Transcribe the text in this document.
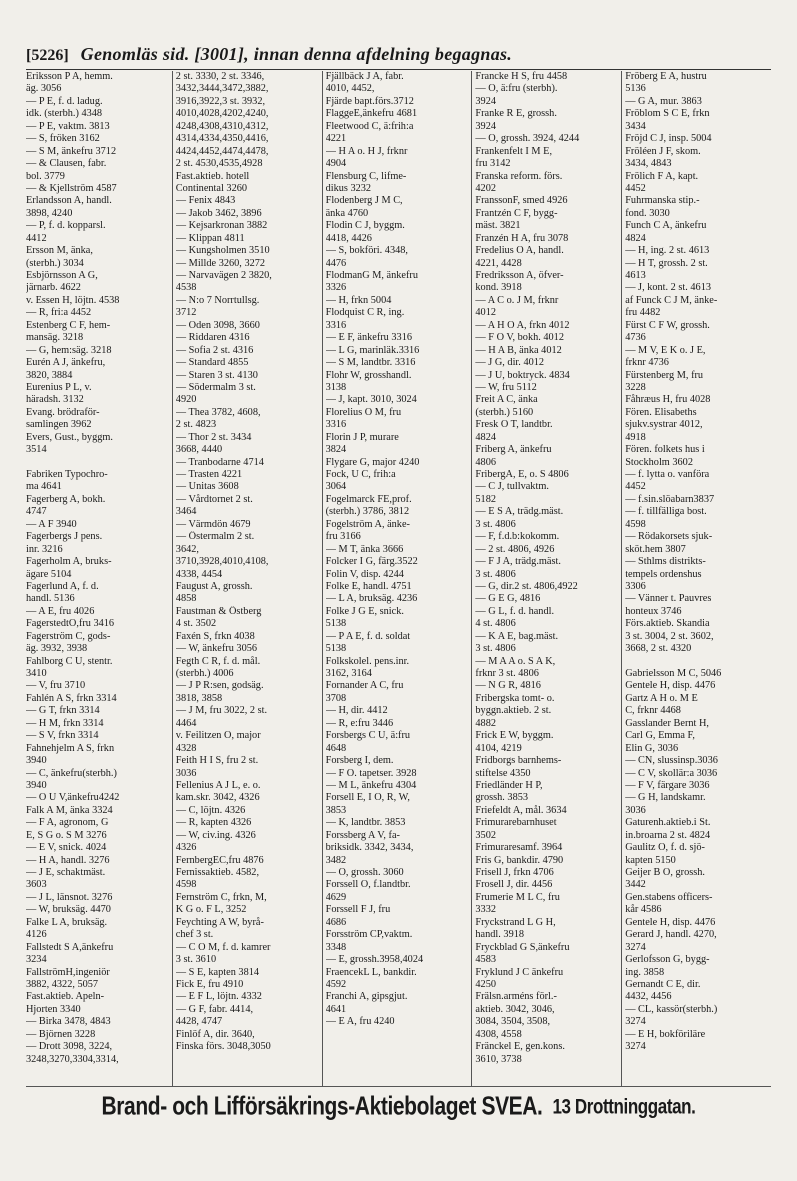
[5226] Genomläs sid. [3001], innan denna afdelning begagnas.
Eriksson P A, hemm.
äg. 3056
— P E, f. d. ladug.
idk. (sterbh.) 4348
— P E, vaktm. 3813
— S, fröken 3162
— S M, änkefru 3712
— & Clausen, fabr.
bol. 3779
— & Kjellström 4587
Erlandsson A, handl.
3898, 4240
— P, f. d. kopparsl.
4412
Ersson M, änka,
(sterbh.) 3034
Esbjörnsson A G,
järnarb. 4622
v. Essen H, löjtn. 4538
— R, fri:a 4452
Estenberg C F, hem-
mansäg. 3218
— G, hem:säg. 3218
Eurén A J, änkefru,
3820, 3884
Eurenius P L, v.
häradsh. 3132
Evang. brödraför-
samlingen 3962
Evers, Gust., byggm.
3514
Fabriken Typochro-
ma 4641
Fagerberg A, bokh.
4747
— A F 3940
Fagerbergs J pens.
inr. 3216
Fagerholm A, bruks-
ägare 5104
Fagerlund A, f. d.
handl. 5136
— A E, fru 4026
FagerstedtO,fru 3416
Fagerström C, gods-
äg. 3932, 3938
Fahlborg C U, stentr.
3410
— V, fru 3710
Fahlén A S, frkn 3314
— G T, frkn 3314
— H M, frkn 3314
— S V, frkn 3314
Fahnehjelm A S, frkn
3940
— C, änkefru(sterbh.)
3940
— O U V,änkefru4242
Falk A M, änka 3324
— F A, agronom, G
E, S G o. S M 3276
— E V, snick. 4024
— H A, handl. 3276
— J E, schaktmäst.
3603
— J L, länsnot. 3276
— W, bruksäg. 4470
Falke L A, bruksäg.
4126
Fallstedt S A,änkefru
3234
FallströmH,ingeniör
3882, 4322, 5057
Fast.aktieb. Apeln-
Hjorten 3340
— Birka 3478, 4843
— Björnen 3228
— Drott 3098, 3224,
3248,3270,3304,3314,
2 st. 3330, 2 st. 3346,
3432,3444,3472,3882,
3916,3922,3 st. 3932,
4010,4028,4202,4240,
4248,4308,4310,4312,
4314,4334,4350,4416,
4424,4452,4474,4478,
2 st. 4530,4535,4928
Fast.aktieb. hotell
Continental 3260
— Fenix 4843
— Jakob 3462, 3896
— Kejsarkronan 3882
— Klippan 4811
— Kungsholmen 3510
— Millde 3260, 3272
— Narvavägen 2 3820,
4538
— N:o 7 Norrtullsg.
3712
— Oden 3098, 3660
— Riddaren 4316
— Sofia 2 st. 4316
— Standard 4855
— Staren 3 st. 4130
— Södermalm 3 st.
4920
— Thea 3782, 4608,
2 st. 4823
— Thor 2 st. 3434
3668, 4440
— Tranbodarne 4714
— Trasten 4221
— Unitas 3608
— Vårdtornet 2 st.
3464
— Värmdön 4679
— Östermalm 2 st.
3642,
3710,3928,4010,4108,
4338, 4454
Faugust A, grossh.
4858
Faustman & Östberg
4 st. 3502
Faxén S, frkn 4038
— W, änkefru 3056
Fegth C R, f. d. mål.
(sterbh.) 4006
— J P R:sen, godsäg.
3818, 3858
— J M, fru 3022, 2 st.
4464
v. Feilitzen O, major
4328
Feith H I S, fru 2 st.
3036
Fellenius A J L, e. o.
kam.skr. 3042, 4326
— C, löjtn. 4326
— R, kapten 4326
— W, civ.ing. 4326
4326
FernbergEC,fru 4876
Fernissaktieb. 4582,
4598
Fernström C, frkn, M,
K G o. F L, 3252
Feychting A W, byrå-
chef 3 st.
— C O M, f. d. kamrer
3 st. 3610
— S E, kapten 3814
Fick E, fru 4910
— E F L, löjtn. 4332
— G F, fabr. 4414,
4428, 4747
Finlöf A, dir. 3640,
Finska förs. 3048,3050
Fjällbäck J A, fabr.
4010, 4452,
Fjärde bapt.förs.3712
FlaggeE,änkefru 4681
Fleetwood C, ä:frih:a
4221
— H A o. H J, frknr
4904
Flensburg C, lifme-
dikus 3232
Flodenberg J M C,
änka 4760
Flodin C J, byggm.
4418, 4426
— S, bokföri. 4348,
4476
FlodmanG M, änkefru
3326
— H, frkn 5004
Flodquist C R, ing.
3316
— E F, änkefru 3316
— L G, marinläk.3316
— S M, landtbr. 3316
Flohr W, grosshandl.
3138
— J, kapt. 3010, 3024
Florelius O M, fru
3316
Florin J P, murare
3824
Flygare G, major 4240
Fock, U C, frih:a
3064
Fogelmarck FE,prof.
(sterbh.) 3786, 3812
Fogelström A, änke-
fru 3166
— M T, änka 3666
Folcker I G, färg.3522
Folin V, disp. 4244
Folke E, handl. 4751
— L A, bruksäg. 4236
Folke J G E, snick.
5138
— P A E, f. d. soldat
5138
Folkskolel. pens.inr.
3162, 3164
Fornander A C, fru
3708
— H, dir. 4412
— R, e:fru 3446
Forsbergs C U, ä:fru
4648
Forsberg I, dem.
— F O. tapetser. 3928
— M L, änkefru 4304
Forsell E, I O, R, W,
3853
— K, landtbr. 3853
Forssberg A V, fa-
briksidk. 3342, 3434,
3482
— O, grossh. 3060
Forssell O, f.landtbr.
4629
Forssell F J, fru
4686
Forsström CP,vaktm.
3348
— E, grossh.3958,4024
FraencekL L, bankdir.
4592
Franchi A, gipsgjut.
4641
— E A, fru 4240
Francke H S, fru 4458
— O, ä:fru (sterbh).
3924
Franke R E, grossh.
3924
— O, grossh. 3924, 4244
Frankenfelt I M E,
fru 3142
Franska reform. förs.
4202
FranssonF, smed 4926
Frantzén C F, bygg-
mäst. 3821
Franzén H A, fru 3078
Fredelius O A, handl.
4221, 4428
Fredriksson A, öfver-
kond. 3918
— A C o. J M, frknr
4012
— A H O A, frkn 4012
— F O V, bokh. 4012
— H A B, änka 4012
— J G, dir. 4012
— J U, boktryck. 4834
— W, fru 5112
Freit A C, änka
(sterbh.) 5160
Fresk O T, landtbr.
4824
Friberg A, änkefru
4806
FribergA, E, o. S 4806
— C J, tullvaktm.
5182
— E S A, trädg.mäst.
3 st. 4806
— F, f.d.b:kokomm.
— 2 st. 4806, 4926
— F J A, trädg.mäst.
3 st. 4806
— G, dir.2 st. 4806,4922
— G E G, 4816
— G L, f. d. handl.
4 st. 4806
— K A E, bag.mäst.
3 st. 4806
— M A A o. S A K,
frknr 3 st. 4806
— N G R, 4816
Fribergska tomt- o.
byggn.aktieb. 2 st.
4882
Frick E W, byggm.
4104, 4219
Fridborgs barnhems-
stiftelse 4350
Friedländer H P,
grossh. 3853
Friefeldt A, mål. 3634
Frimurarebarnhuset
3502
Frimuraresamf. 3964
Fris G, bankdir. 4790
Frisell J, frkn 4706
Frosell J, dir. 4456
Frumerie M L C, fru
3332
Fryckstrand L G H,
handl. 3918
Fryckblad G S,änkefru
4583
Fryklund J C änkefru
4250
Frälsn.arméns förl.-
aktieb. 3042, 3046,
3084, 3504, 3508,
4308, 4558
Fränckel E, gen.kons.
3610, 3738
Fröberg E A, hustru
5136
— G A, mur. 3863
Fröblom S C E, frkn
3434
Fröjd C J, insp. 5004
Fröléen J F, skom.
3434, 4843
Frölich F A, kapt.
4452
Fuhrmanska stip.-
fond. 3030
Funch C A, änkefru
4824
— H, ing. 2 st. 4613
— H T, grossh. 2 st.
4613
— J, kont. 2 st. 4613
af Funck C J M, änke-
fru 4482
Fürst C F W, grossh.
4736
— M V, E K o. J E,
frknr 4736
Fürstenberg M, fru
3228
Fåhræus H, fru 4028
Fören. Elisabeths
sjukv.systrar 4012,
4918
Fören. folkets hus i
Stockholm 3602
— f. lytta o. vanföra
4452
— f.sin.slöabarn3837
— f. tillfälliga bost.
4598
— Rödakorsets sjuk-
sköt.hem 3807
— Sthlms distrikts-
tempels ordenshus
3306
— Vänner t. Pauvres
honteux 3746
Förs.aktieb. Skandia
3 st. 3004, 2 st. 3602,
3668, 2 st. 4320
Gabrielsson M C, 5046
Gentele H, disp. 4476
Gartz A H o. M E
C, frknr 4468
Gasslander Bernt H,
Carl G, Emma F,
Elin G, 3036
— CN, slussinsp.3036
— C V, skollär:a 3036
— F V, färgare 3036
— G H, landskamr.
3036
Gaturenh.aktieb.i St.
in.broarna 2 st. 4824
Gaulitz O, f. d. sjö-
kapten 5150
Geijer B O, grossh.
3442
Gen.stabens officers-
kår 4586
Gentele H, disp. 4476
Gerard J, handl. 4270,
3274
Gerlofsson G, bygg-
ing. 3858
Gernandt C E, dir.
4432, 4456
— CL, kassör(sterbh.)
3274
— E H, bokföriläre
3274
Brand- och Lifförsäkrings-Aktiebolaget SVEA. 13 Drottninggatan.
